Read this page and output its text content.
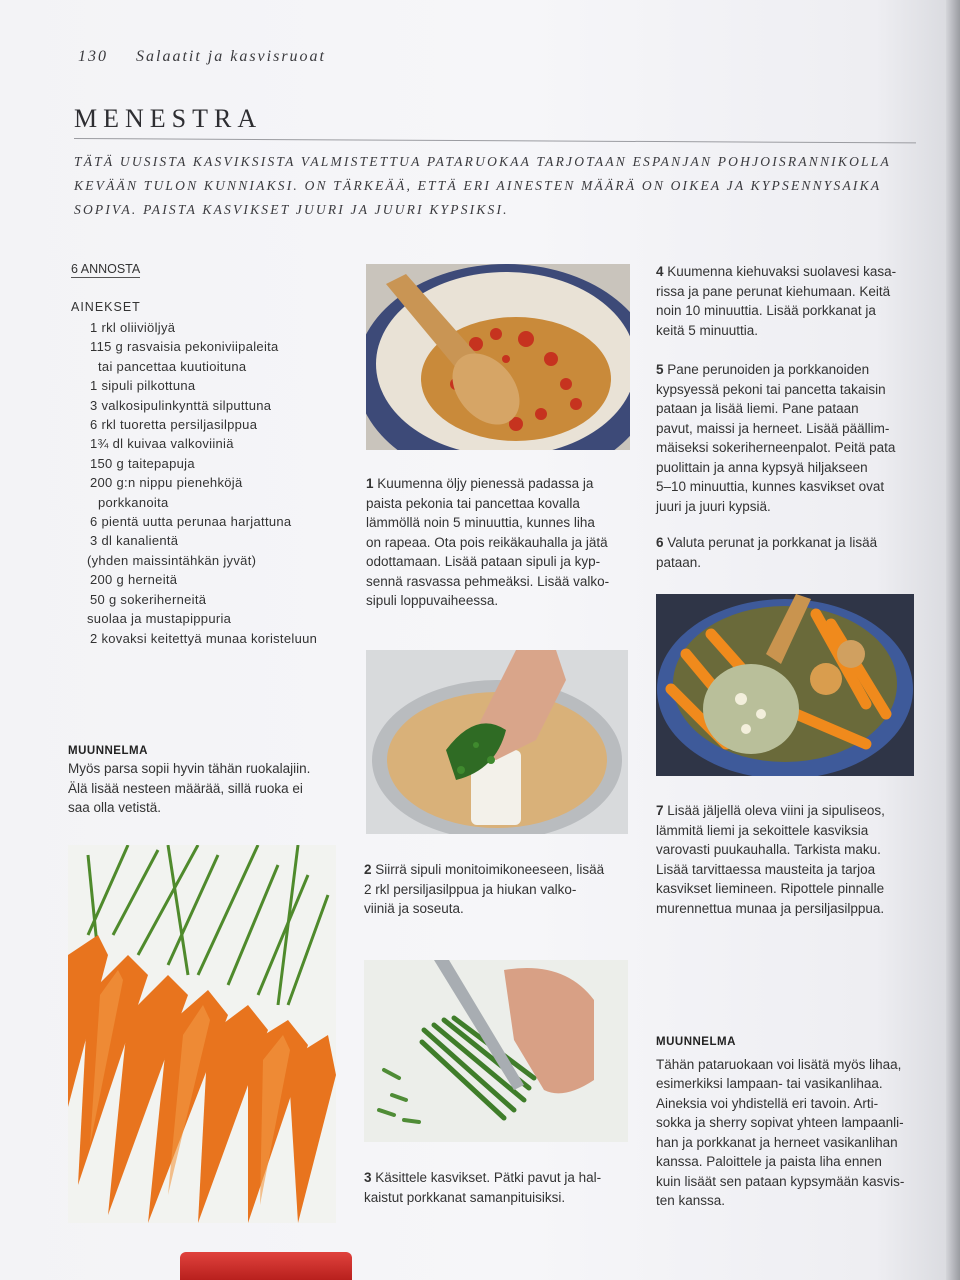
130 Salaatit ja kasvisruoat
MENESTRA

TÄTÄ UUSISTA KASVIKSISTA VALMISTETTUA PATARUOKAA TARJOTAAN ESPANJAN POHJOISRANNIKOLLA

KEVÄÄN TULON KUNNIAKSI. ON TÄRKEÄÄ, ETTÄ ERI AINESTEN MÄÄRÄ ON OIKEA JA KYPSENNYSAIKA

SOPIVA. PAISTA KASVIKSET JUURI JA JUURI KYPSIKSI.

6 ANNOSTA
AINEKSET
1 rkl oliiviöljyä
115 g rasvaisia pekoniviipaleita
tai pancettaa kuutioituna
1 sipuli pilkottuna
3 valkosipulinkynttä silputtuna
6 rkl tuoretta persiljasilppua
1¾ dl kuivaa valkoviiniä
150 g taitepapuja
200 g:n nippu pienehköjä
porkkanoita
6 pientä uutta perunaa harjattuna
3 dl kanalientä
(yhden maissintähkän jyvät)
200 g herneitä
50 g sokeriherneitä
suolaa ja mustapippuria
2 kovaksi keitettyä munaa koristeluun
MUUNNELMA
Myös parsa sopii hyvin tähän ruokalajiin.
Älä lisää nesteen määrää, sillä ruoka ei
saa olla vetistä.
1 Kuumenna öljy pienessä padassa ja
paista pekonia tai pancettaa kovalla
lämmöllä noin 5 minuuttia, kunnes liha
on rapeaa. Ota pois reikäkauhalla ja jätä
odottamaan. Lisää pataan sipuli ja kyp-
sennä rasvassa pehmeäksi. Lisää valko-
sipuli loppuvaiheessa.
2 Siirrä sipuli monitoimikoneeseen, lisää
2 rkl persiljasilppua ja hiukan valko-
viiniä ja soseuta.
3 Käsittele kasvikset. Pätki pavut ja hal-
kaistut porkkanat samanpituisiksi.
4 Kuumenna kiehuvaksi suolavesi kasa-
rissa ja pane perunat kiehumaan. Keitä
noin 10 minuuttia. Lisää porkkanat ja
keitä 5 minuuttia.
5 Pane perunoiden ja porkkanoiden
kypsyessä pekoni tai pancetta takaisin
pataan ja lisää liemi. Pane pataan
pavut, maissi ja herneet. Lisää päällim-
mäiseksi sokeriherneenpalot. Peitä pata
puolittain ja anna kypsyä hiljakseen
5–10 minuuttia, kunnes kasvikset ovat
juuri ja juuri kypsiä.
6 Valuta perunat ja porkkanat ja lisää
pataan.
7 Lisää jäljellä oleva viini ja sipuliseos,
lämmitä liemi ja sekoittele kasviksia
varovasti puukauhalla. Tarkista maku.
Lisää tarvittaessa mausteita ja tarjoa
kasvikset liemineen. Ripottele pinnalle
murennettua munaa ja persiljasilppua.
MUUNNELMA
Tähän pataruokaan voi lisätä myös lihaa,
esimerkiksi lampaan- tai vasikanlihaa.
Aineksia voi yhdistellä eri tavoin. Arti-
sokka ja sherry sopivat yhteen lampaanli-
han ja porkkanat ja herneet vasikanlihan
kanssa. Paloittele ja paista liha ennen
kuin lisäät sen pataan kypsymään kasvis-
ten kanssa.
